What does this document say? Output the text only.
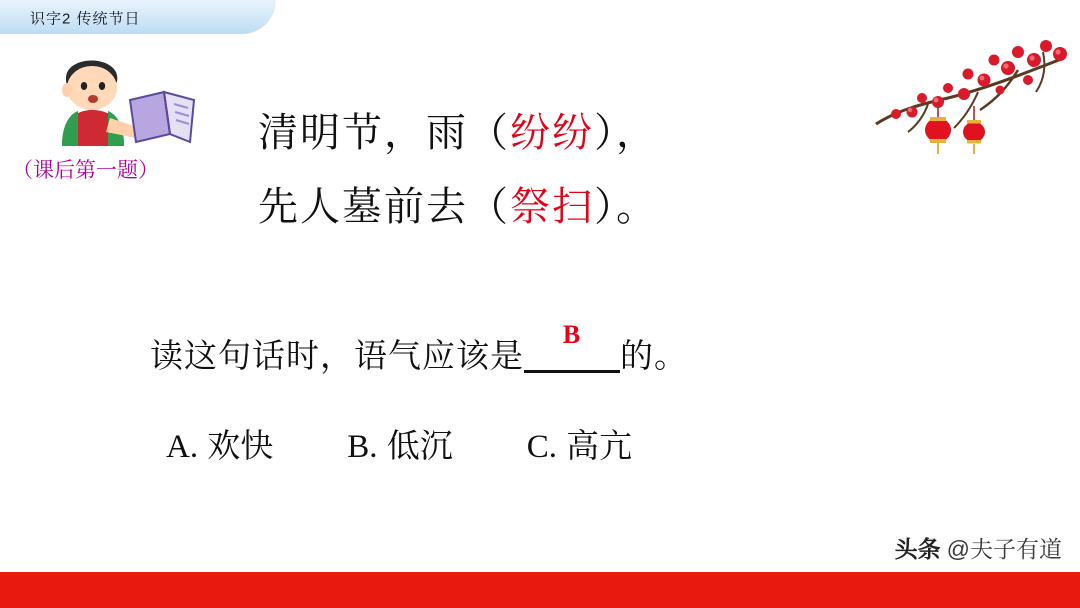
识字2 传统节日
（课后第一题）
清明节，雨（纷纷），
先人墓前去（祭扫）。
读这句话时，语气应该是
B
的。
A. 欢快 B. 低沉 C. 高亢
头条 @夫子有道
